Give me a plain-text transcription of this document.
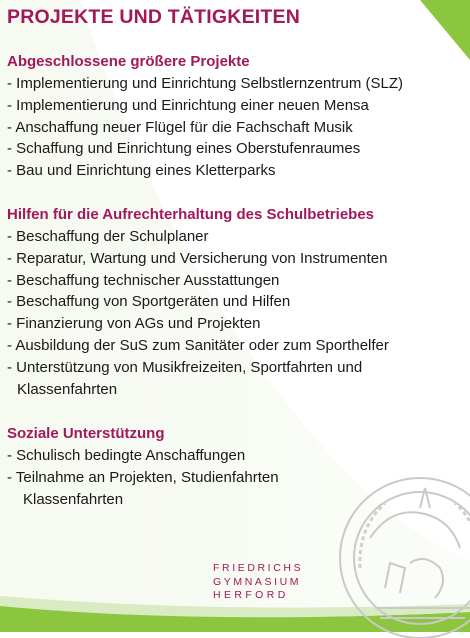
PROJEKTE UND TÄTIGKEITEN
Abgeschlossene größere Projekte
- Implementierung und Einrichtung Selbstlernzentrum (SLZ)
- Implementierung und Einrichtung einer neuen Mensa
- Anschaffung neuer Flügel für die Fachschaft Musik
- Schaffung und Einrichtung eines Oberstufenraumes
- Bau und Einrichtung eines Kletterparks
Hilfen für die Aufrechterhaltung des Schulbetriebes
- Beschaffung der Schulplaner
- Reparatur, Wartung und Versicherung von Instrumenten
- Beschaffung technischer Ausstattungen
- Beschaffung von Sportgeräten und Hilfen
- Finanzierung von AGs und Projekten
- Ausbildung der SuS zum Sanitäter oder zum Sporthelfer
- Unterstützung von Musikfreizeiten, Sportfahrten und
Klassenfahrten
Soziale Unterstützung
- Schulisch bedingte Anschaffungen
- Teilnahme an Projekten, Studienfahrten
Klassenfahrten
FRIEDRICHS
GYMNASIUM
HERFORD
